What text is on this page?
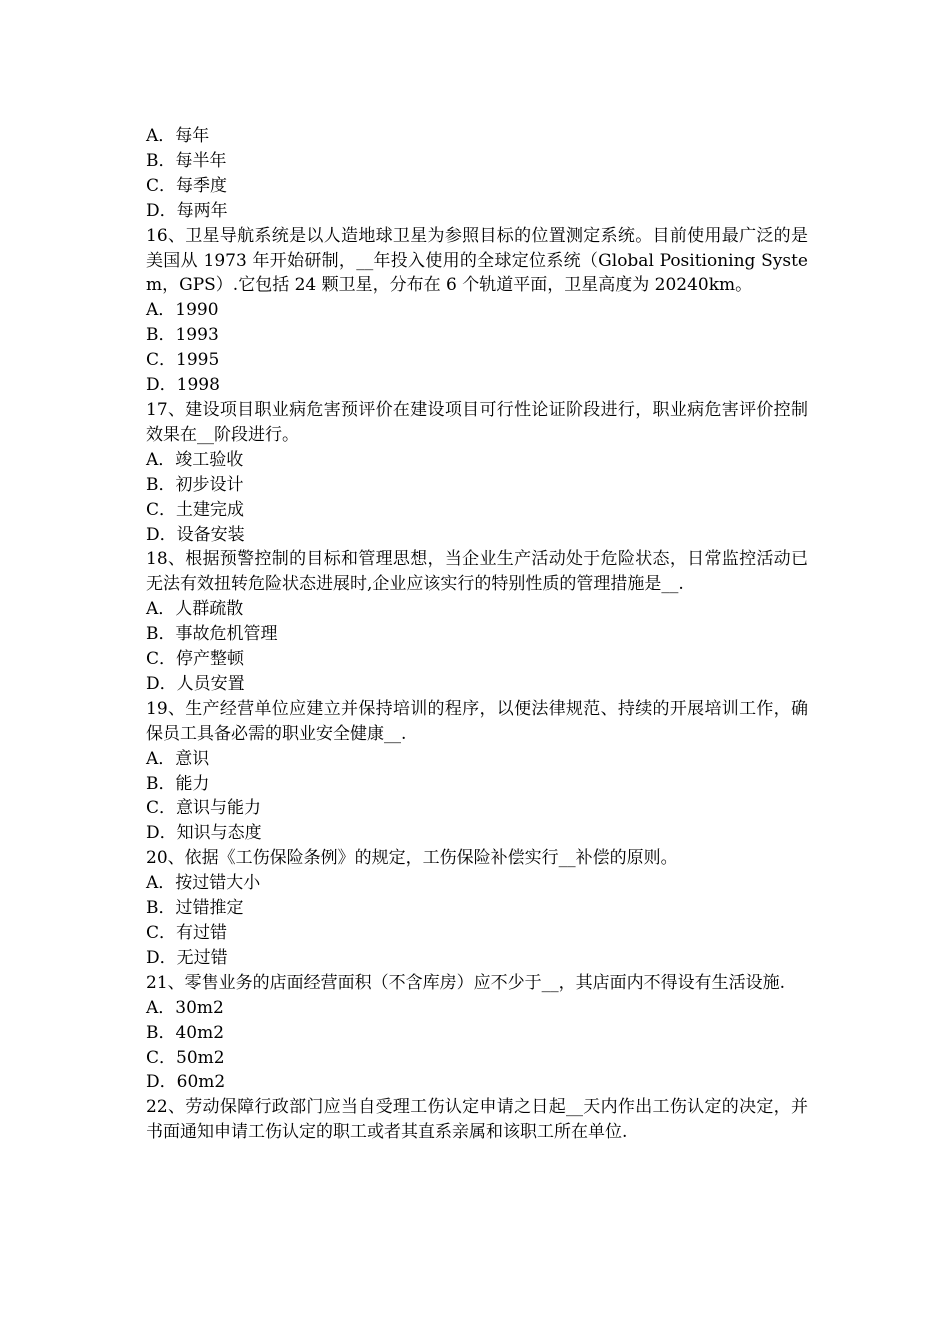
A．每年

B．每半年

C．每季度

D．每两年

16、卫星导航系统是以人造地球卫星为参照目标的位置测定系统。目前使用最广泛的是美国从 1973 年开始研制，__年投入使用的全球定位系统（Global Positioning System，GPS）.它包括 24 颗卫星，分布在 6 个轨道平面，卫星高度为 20240km。

A．1990

B．1993

C．1995

D．1998

17、建设项目职业病危害预评价在建设项目可行性论证阶段进行，职业病危害评价控制效果在__阶段进行。

A．竣工验收

B．初步设计

C．土建完成

D．设备安装

18、根据预警控制的目标和管理思想，当企业生产活动处于危险状态，日常监控活动已无法有效扭转危险状态进展时,企业应该实行的特别性质的管理措施是__.

A．人群疏散

B．事故危机管理

C．停产整顿

D．人员安置

19、生产经营单位应建立并保持培训的程序，以便法律规范、持续的开展培训工作，确保员工具备必需的职业安全健康__.

A．意识

B．能力

C．意识与能力

D．知识与态度

20、依据《工伤保险条例》的规定，工伤保险补偿实行__补偿的原则。

A．按过错大小

B．过错推定

C．有过错

D．无过错

21、零售业务的店面经营面积（不含库房）应不少于__，其店面内不得设有生活设施.

A．30m2

B．40m2

C．50m2

D．60m2

22、劳动保障行政部门应当自受理工伤认定申请之日起__天内作出工伤认定的决定，并书面通知申请工伤认定的职工或者其直系亲属和该职工所在单位.
